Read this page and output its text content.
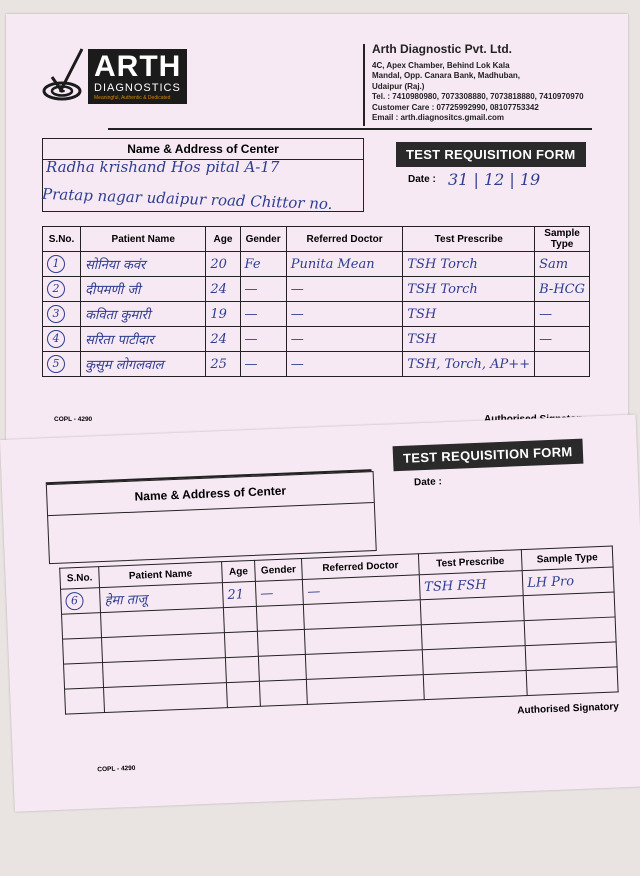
ARTH
DIAGNOSTICS
Meaningful, Authentic & Dedicated
Arth Diagnostic Pvt. Ltd.
4C, Apex Chamber, Behind Lok Kala
Mandal, Opp. Canara Bank, Madhuban,
Udaipur (Raj.)
Tel. : 7410980980, 7073308880, 7073818880, 7410970970
Customer Care : 07725992990, 08107753342
Email : arth.diagnositcs.gmail.com
Name & Address of Center
Radha krishand Hos pital A-17
Pratap nagar udaipur road Chittor no.
TEST REQUISITION FORM
Date : 31 | 12 | 19
S.No.	Patient Name	Age	Gender	Referred Doctor	Test Prescribe	Sample Type
1	सोनिया कवंर	20	Fe	Punita Mean	TSH Torch	Sam
2	दीपमणी जी	24	—	—	TSH Torch	B-HCG
3	कविता कुमारी	19	—	—	TSH	—
4	सरिता पाटीदार	24	—	—	TSH	—
5	कुसुम लोगलवाल	25	—	—	TSH, Torch, AP++	
COPL - 4290
TEST REQUISITION FORM
Date :
Name & Address of Center
S.No.	Patient Name	Age	Gender	Referred Doctor	Test Prescribe	Sample Type
6	हेमा ताजू	21	—	—	TSH FSH	LH Pro

Authorised Signatory
COPL - 4290
